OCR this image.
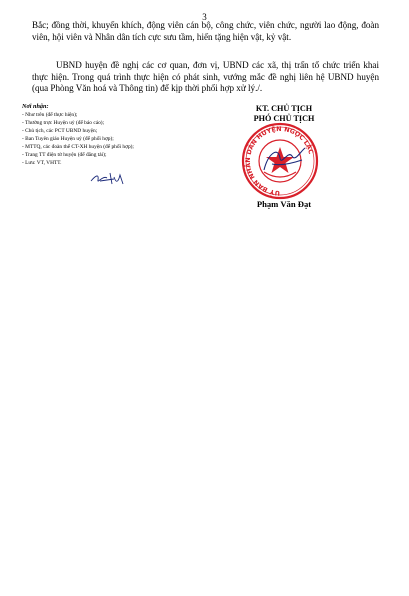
3

Bắc; đồng thời, khuyến khích, động viên cán bộ, công chức, viên chức, người lao động, đoàn viên, hội viên và Nhân dân tích cực sưu tầm, hiến tặng hiện vật, kỷ vật.

UBND huyện đề nghị các cơ quan, đơn vị, UBND các xã, thị trấn tổ chức triển khai thực hiện. Trong quá trình thực hiện có phát sinh, vướng mắc đề nghị liên hệ UBND huyện (qua Phòng Văn hoá và Thông tin) để kịp thời phối hợp xử lý./.

Nơi nhận:
- Như trên (để thực hiện);
- Thường trực Huyện uỷ (để báo cáo);
- Chủ tịch, các PCT UBND huyện;
- Ban Tuyên giáo Huyện uỷ (để phối hợp);
- MTTQ, các đoàn thể CT-XH huyện (để phối hợp);
- Trang TT điện tử huyện (để đăng tải);
- Lưu: VT, VHTT.
KT. CHỦ TỊCH
PHÓ CHỦ TỊCH
UỶ BAN NHÂN DÂN HUYỆN NGỌC LẶC
Phạm Văn Đạt
